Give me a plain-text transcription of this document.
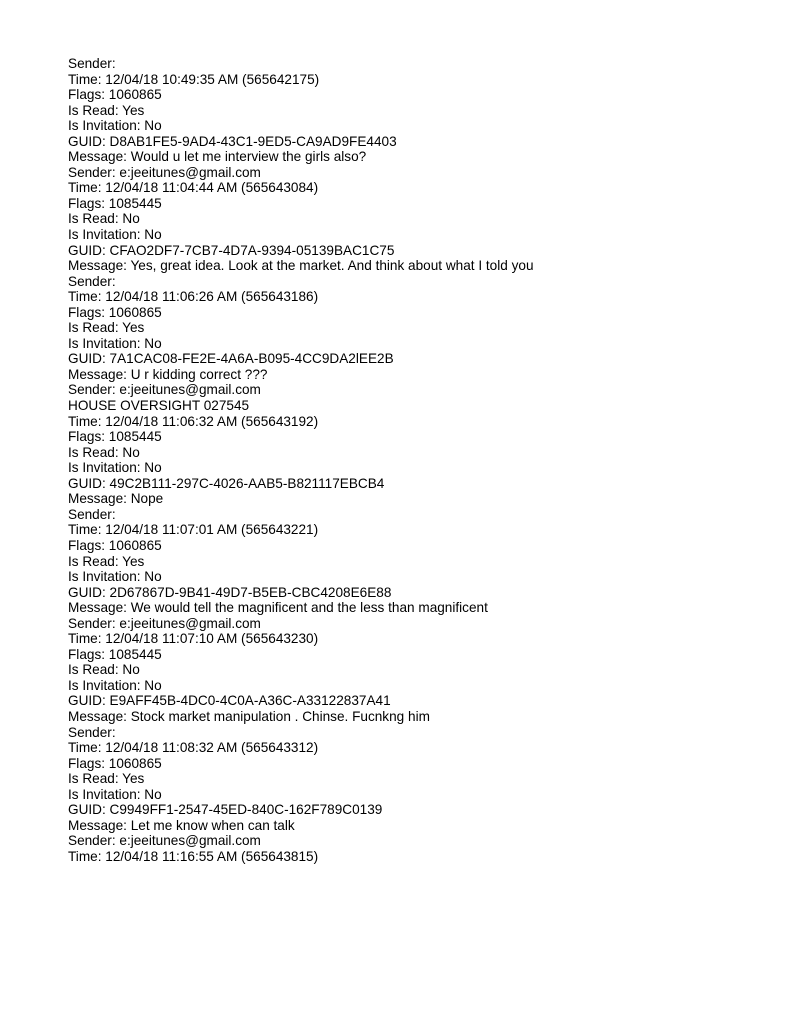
Sender:
Time: 12/04/18 10:49:35 AM (565642175)
Flags: 1060865
Is Read: Yes
Is Invitation: No
GUID: D8AB1FE5-9AD4-43C1-9ED5-CA9AD9FE4403
Message: Would u let me interview the girls also?
Sender: e:jeeitunes@gmail.com
Time: 12/04/18 11:04:44 AM (565643084)
Flags: 1085445
Is Read: No
Is Invitation: No
GUID: CFAO2DF7-7CB7-4D7A-9394-05139BAC1C75
Message: Yes, great idea. Look at the market. And think about what I told you
Sender:
Time: 12/04/18 11:06:26 AM (565643186)
Flags: 1060865
Is Read: Yes
Is Invitation: No
GUID: 7A1CAC08-FE2E-4A6A-B095-4CC9DA2lEE2B
Message: U r kidding correct ???
Sender: e:jeeitunes@gmail.com
HOUSE OVERSIGHT 027545
Time: 12/04/18 11:06:32 AM (565643192)
Flags: 1085445
Is Read: No
Is Invitation: No
GUID: 49C2B111-297C-4026-AAB5-B821117EBCB4
Message: Nope
Sender:
Time: 12/04/18 11:07:01 AM (565643221)
Flags: 1060865
Is Read: Yes
Is Invitation: No
GUID: 2D67867D-9B41-49D7-B5EB-CBC4208E6E88
Message: We would tell the magnificent and the less than magnificent
Sender: e:jeeitunes@gmail.com
Time: 12/04/18 11:07:10 AM (565643230)
Flags: 1085445
Is Read: No
Is Invitation: No
GUID: E9AFF45B-4DC0-4C0A-A36C-A33122837A41
Message: Stock market manipulation . Chinse. Fucnkng him
Sender:
Time: 12/04/18 11:08:32 AM (565643312)
Flags: 1060865
Is Read: Yes
Is Invitation: No
GUID: C9949FF1-2547-45ED-840C-162F789C0139
Message: Let me know when can talk
Sender: e:jeeitunes@gmail.com
Time: 12/04/18 11:16:55 AM (565643815)
